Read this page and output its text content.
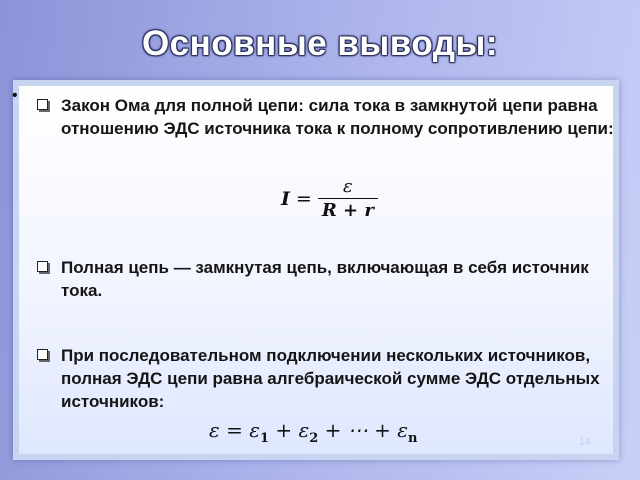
Основные выводы:
•
Закон Ома для полной цепи: сила тока в замкнутой цепи равна отношению ЭДС источника тока к полному сопротивлению цепи:
$I = \frac{\varepsilon}{R + r}$
Полная цепь — замкнутая цепь, включающая в себя источник тока.
При последовательном подключении нескольких источников, полная ЭДС цепи равна алгебраической сумме ЭДС отдельных источников:
$\varepsilon = \varepsilon_1 + \varepsilon_2$ + ⋯ + $\varepsilon_n$	14
